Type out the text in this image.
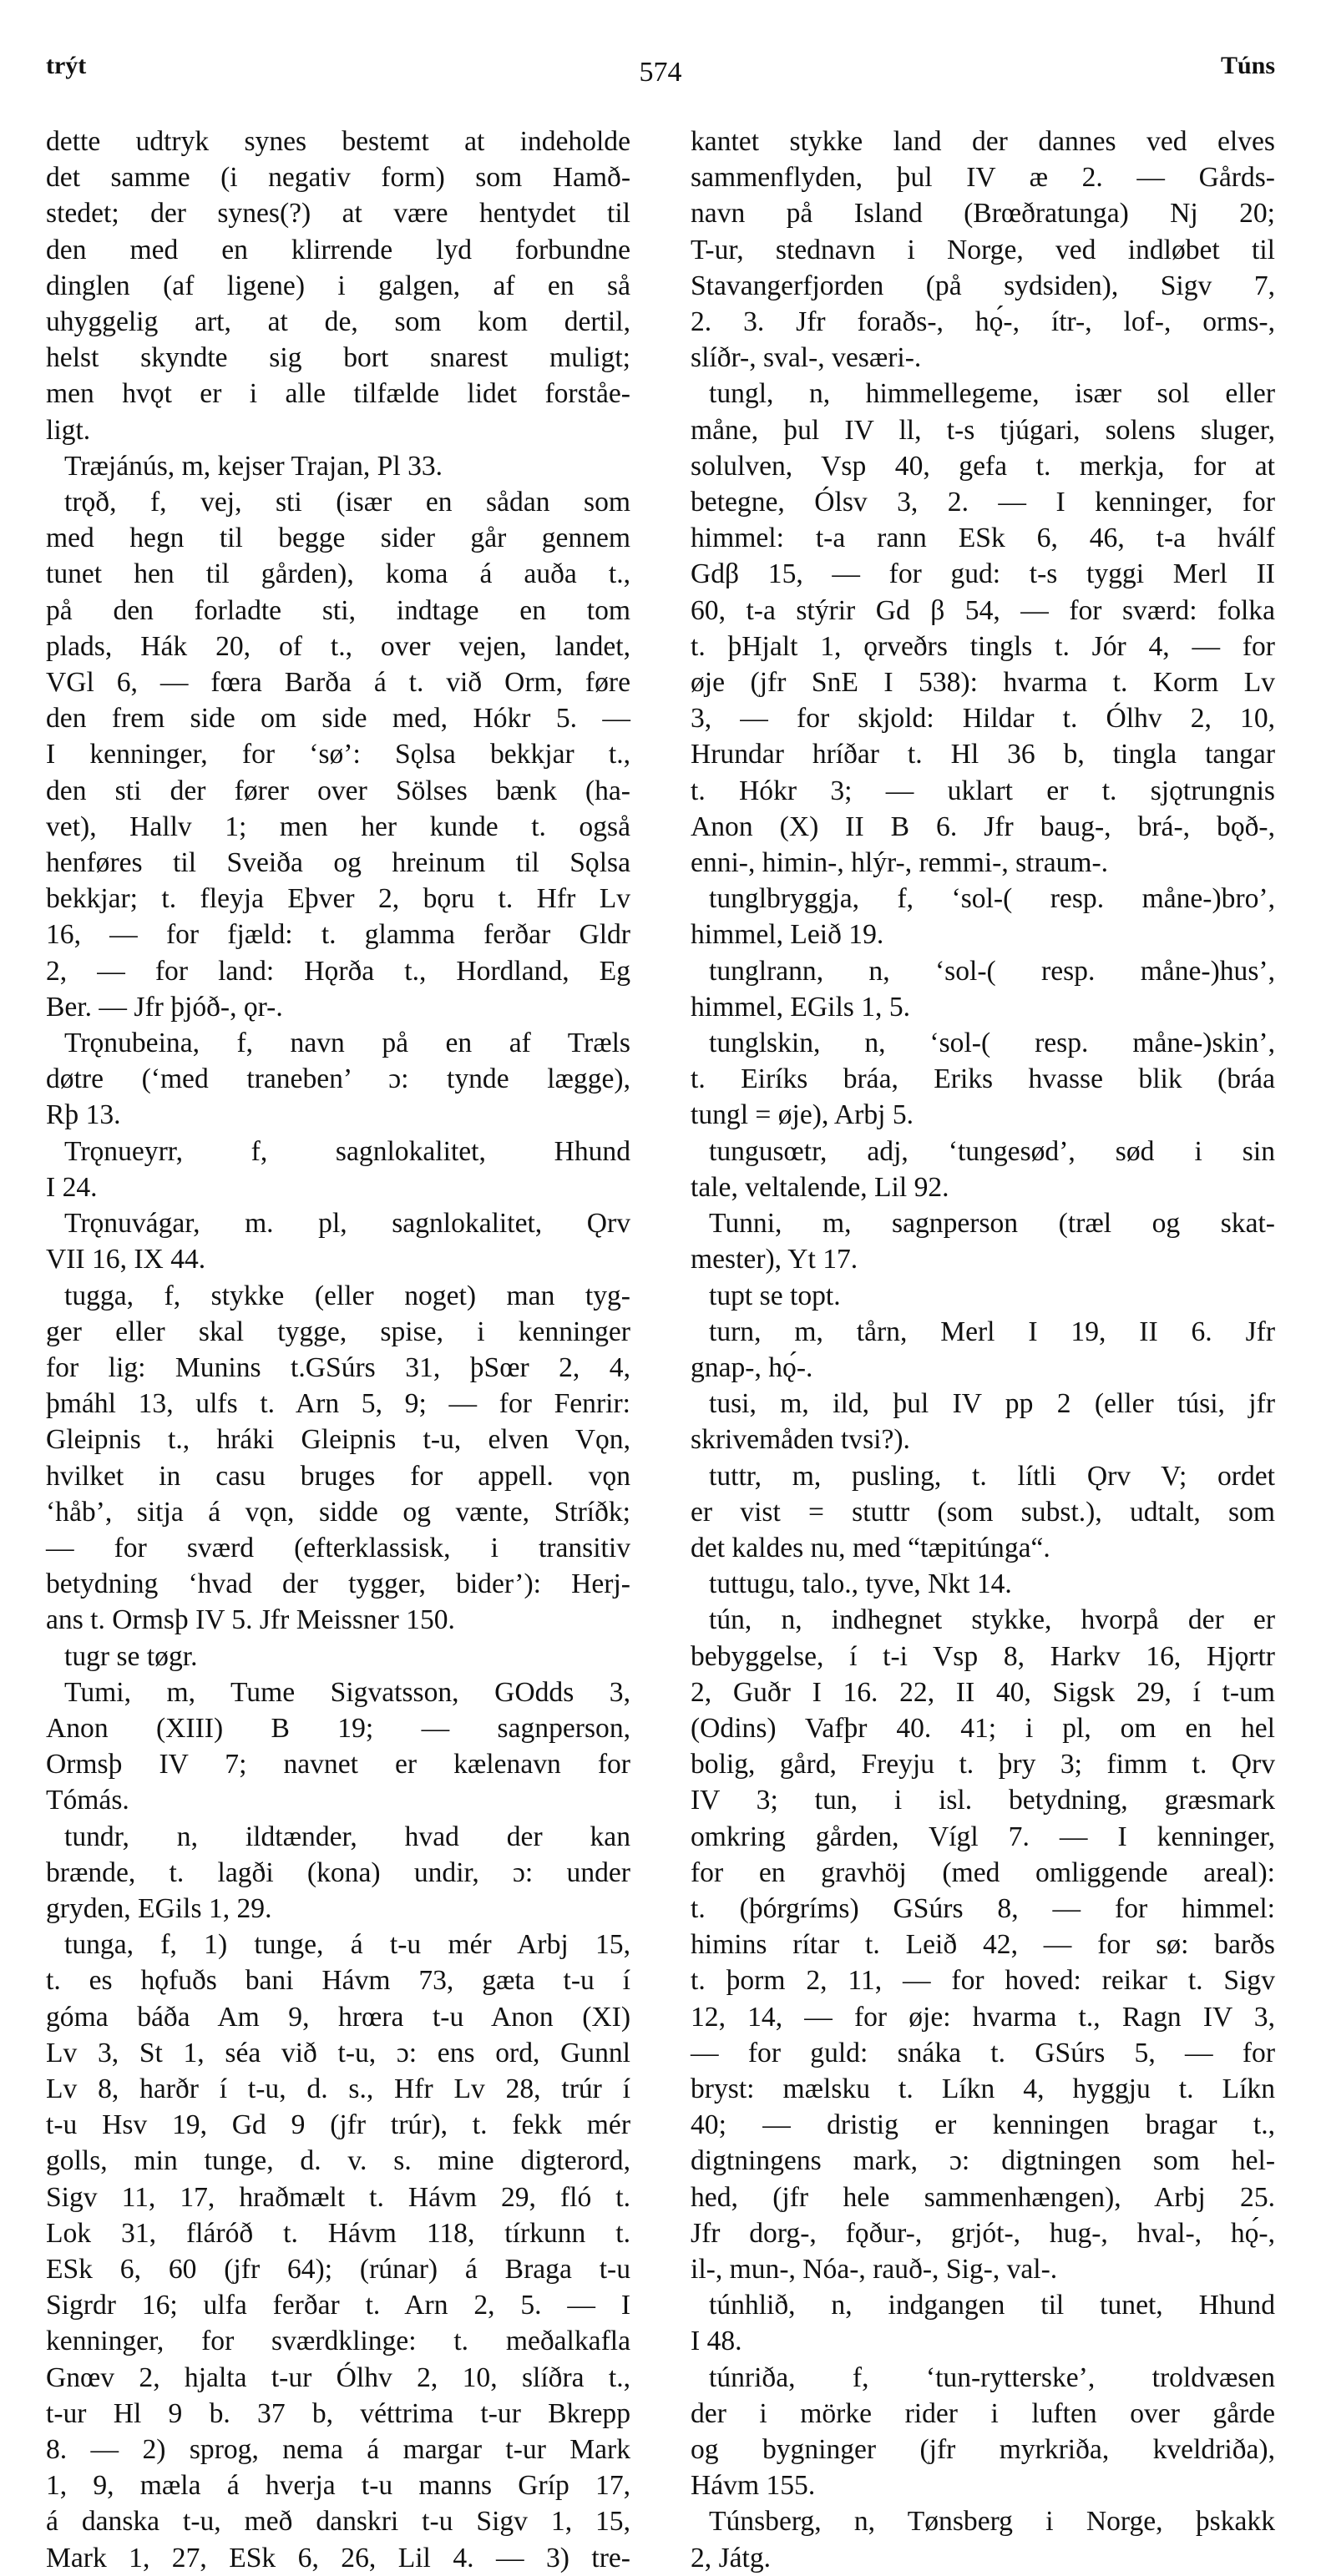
trýt	574	Túns
dette udtryk synes bestemt at indeholde
det samme (i negativ form) som Hamð-
stedet; der synes(?) at være hentydet til
den med en klirrende lyd forbundne
dinglen (af ligene) i galgen, af en så
uhyggelig art, at de, som kom dertil,
helst skyndte sig bort snarest muligt;
men hvǫt er i alle tilfælde lidet forståe-
ligt.
Træjánús, m, kejser Trajan, Pl 33.
trǫð, f, vej, sti (især en sådan som
med hegn til begge sider går gennem
tunet hen til gården), koma á auða t.,
på den forladte sti, indtage en tom
plads, Hák 20, of t., over vejen, landet,
VGl 6, — fœra Barða á t. við Orm, føre
den frem side om side med, Hókr 5. —
I kenninger, for ‘sø’: Sǫlsa bekkjar t.,
den sti der fører over Sölses bænk (ha-
vet), Hallv 1; men her kunde t. også
henføres til Sveiða og hreinum til Sǫlsa
bekkjar; t. fleyja Eþver 2, bǫru t. Hfr Lv
16, — for fjæld: t. glamma ferðar Gldr
2, — for land: Hǫrða t., Hordland, Eg
Ber. — Jfr þjóð-, ǫr-.
Trǫnubeina, f, navn på en af Træls
døtre (‘med traneben’ ɔ: tynde lægge),
Rþ 13.
Trǫnueyrr, f, sagnlokalitet, Hhund
I 24.
Trǫnuvágar, m. pl, sagnlokalitet, Ǫrv
VII 16, IX 44.
tugga, f, stykke (eller noget) man tyg-
ger eller skal tygge, spise, i kenninger
for lig: Munins t.GSúrs 31, þSœr 2, 4,
þmáhl 13, ulfs t. Arn 5, 9; — for Fenrir:
Gleipnis t., hráki Gleipnis t-u, elven Vǫn,
hvilket in casu bruges for appell. vǫn
‘håb’, sitja á vǫn, sidde og vænte, Stríðk;
— for sværd (efterklassisk, i transitiv
betydning ‘hvad der tygger, bider’): Herj-
ans t. Ormsþ IV 5. Jfr Meissner 150.
tugr se tøgr.
Tumi, m, Tume Sigvatsson, GOdds 3,
Anon (XIII) B 19; — sagnperson,
Ormsþ IV 7; navnet er kælenavn for
Tómás.
tundr, n, ildtænder, hvad der kan
brænde, t. lagði (kona) undir, ɔ: under
gryden, EGils 1, 29.
tunga, f, 1) tunge, á t-u mér Arbj 15,
t. es hǫfuðs bani Hávm 73, gæta t-u í
góma báða Am 9, hrœra t-u Anon (XI)
Lv 3, St 1, séa við t-u, ɔ: ens ord, Gunnl
Lv 8, harðr í t-u, d. s., Hfr Lv 28, trúr í
t-u Hsv 19, Gd 9 (jfr trúr), t. fekk mér
golls, min tunge, d. v. s. mine digterord,
Sigv 11, 17, hraðmælt t. Hávm 29, fló t.
Lok 31, fláróð t. Hávm 118, tírkunn t.
ESk 6, 60 (jfr 64); (rúnar) á Braga t-u
Sigrdr 16; ulfa ferðar t. Arn 2, 5. — I
kenninger, for sværdklinge: t. meðalkafla
Gnœv 2, hjalta t-ur Ólhv 2, 10, slíðra t.,
t-ur Hl 9 b. 37 b, véttrima t-ur Bkrepp
8. — 2) sprog, nema á margar t-ur Mark
1, 9, mæla á hverja t-u manns Gríp 17,
á danska t-u, með danskri t-u Sigv 1, 15,
Mark 1, 27, ESk 6, 26, Lil 4. — 3) tre-
kantet stykke land der dannes ved elves
sammenflyden, þul IV æ 2. — Gårds-
navn på Island (Brœðratunga) Nj 20;
T-ur, stednavn i Norge, ved indløbet til
Stavangerfjorden (på sydsiden), Sigv 7,
2. 3. Jfr foraðs-, hǫ́-, ítr-, lof-, orms-,
slíðr-, sval-, vesæri-.
tungl, n, himmellegeme, især sol eller
måne, þul IV ll, t-s tjúgari, solens sluger,
solulven, Vsp 40, gefa t. merkja, for at
betegne, Ólsv 3, 2. — I kenninger, for
himmel: t-a rann ESk 6, 46, t-a hválf
Gdβ 15, — for gud: t-s tyggi Merl II
60, t-a stýrir Gd β 54, — for sværd: folka
t. þHjalt 1, ǫrveðrs tingls t. Jór 4, — for
øje (jfr SnE I 538): hvarma t. Korm Lv
3, — for skjold: Hildar t. Ólhv 2, 10,
Hrundar hríðar t. Hl 36 b, tingla tangar
t. Hókr 3; — uklart er t. sjǫtrungnis
Anon (X) II B 6. Jfr baug-, brá-, bǫð-,
enni-, himin-, hlýr-, remmi-, straum-.
tunglbryggja, f, ‘sol-( resp. måne-)bro’,
himmel, Leið 19.
tunglrann, n, ‘sol-( resp. måne-)hus’,
himmel, EGils 1, 5.
tunglskin, n, ‘sol-( resp. måne-)skin’,
t. Eiríks bráa, Eriks hvasse blik (bráa
tungl = øje), Arbj 5.
tungusœtr, adj, ‘tungesød’, sød i sin
tale, veltalende, Lil 92.
Tunni, m, sagnperson (træl og skat-
mester), Yt 17.
tupt se topt.
turn, m, tårn, Merl I 19, II 6. Jfr
gnap-, hǫ́-.
tusi, m, ild, þul IV pp 2 (eller túsi, jfr
skrivemåden tvsi?).
tuttr, m, pusling, t. lítli Ǫrv V; ordet
er vist = stuttr (som subst.), udtalt, som
det kaldes nu, med “tæpitúnga“.
tuttugu, talo., tyve, Nkt 14.
tún, n, indhegnet stykke, hvorpå der er
bebyggelse, í t-i Vsp 8, Harkv 16, Hjǫrtr
2, Guðr I 16. 22, II 40, Sigsk 29, í t-um
(Odins) Vafþr 40. 41; i pl, om en hel
bolig, gård, Freyju t. þry 3; fimm t. Ǫrv
IV 3; tun, i isl. betydning, græsmark
omkring gården, Vígl 7. — I kenninger,
for en gravhöj (med omliggende areal):
t. (þórgríms) GSúrs 8, — for himmel:
himins rítar t. Leið 42, — for sø: barðs
t. þorm 2, 11, — for hoved: reikar t. Sigv
12, 14, — for øje: hvarma t., Ragn IV 3,
— for guld: snáka t. GSúrs 5, — for
bryst: mælsku t. Líkn 4, hyggju t. Líkn
40; — dristig er kenningen bragar t.,
digtningens mark, ɔ: digtningen som hel-
hed, (jfr hele sammenhængen), Arbj 25.
Jfr dorg-, fǫður-, grjót-, hug-, hval-, hǫ́-,
il-, mun-, Nóa-, rauð-, Sig-, val-.
túnhlið, n, indgangen til tunet, Hhund
I 48.
túnriða, f, ‘tun-rytterske’, troldvæsen
der i mörke rider i luften over gårde
og bygninger (jfr myrkriða, kveldriða),
Hávm 155.
Túnsberg, n, Tønsberg i Norge, þskakk
2, Játg.
